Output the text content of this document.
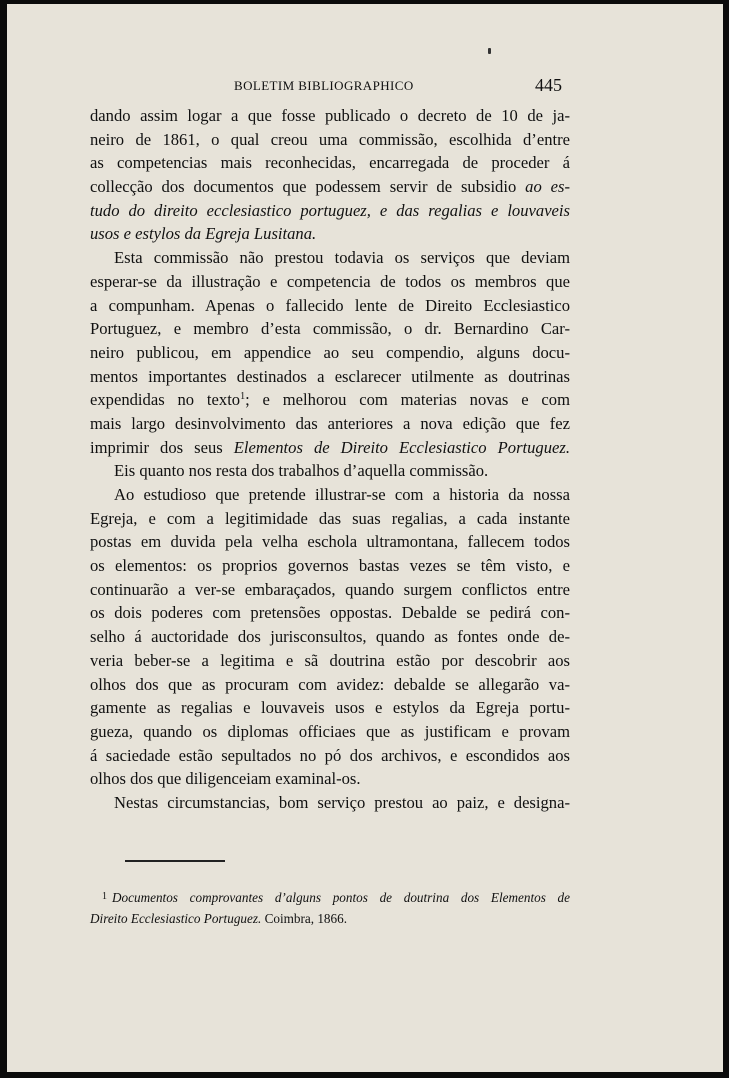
BOLETIM BIBLIOGRAPHICO	445
dando assim logar a que fosse publicado o decreto de 10 de ja-
neiro de 1861, o qual creou uma commissão, escolhida d’entre
as competencias mais reconhecidas, encarregada de proceder á
collecção dos documentos que podessem servir de subsidio ao es-
tudo do direito ecclesiastico portuguez, e das regalias e louvaveis
usos e estylos da Egreja Lusitana.
Esta commissão não prestou todavia os serviços que deviam
esperar-se da illustração e competencia de todos os membros que
a compunham. Apenas o fallecido lente de Direito Ecclesiastico
Portuguez, e membro d’esta commissão, o dr. Bernardino Car-
neiro publicou, em appendice ao seu compendio, alguns docu-
mentos importantes destinados a esclarecer utilmente as doutrinas
expendidas no texto$^1$; e melhorou com materias novas e com
mais largo desinvolvimento das anteriores a nova edição que fez
imprimir dos seus Elementos de Direito Ecclesiastico Portuguez.
Eis quanto nos resta dos trabalhos d’aquella commissão.
Ao estudioso que pretende illustrar-se com a historia da nossa
Egreja, e com a legitimidade das suas regalias, a cada instante
postas em duvida pela velha eschola ultramontana, fallecem todos
os elementos: os proprios governos bastas vezes se têm visto, e
continuarão a ver-se embaraçados, quando surgem conflictos entre
os dois poderes com pretensões oppostas. Debalde se pedirá con-
selho á auctoridade dos jurisconsultos, quando as fontes onde de-
veria beber-se a legitima e sã doutrina estão por descobrir aos
olhos dos que as procuram com avidez: debalde se allegarão va-
gamente as regalias e louvaveis usos e estylos da Egreja portu-
gueza, quando os diplomas officiaes que as justificam e provam
á saciedade estão sepultados no pó dos archivos, e escondidos aos
olhos dos que diligenceiam examinal-os.
Nestas circumstancias, bom serviço prestou ao paiz, e designa-
$^1$ Documentos comprovantes d’alguns pontos de doutrina dos Elementos de
Direito Ecclesiastico Portuguez. Coimbra, 1866.
